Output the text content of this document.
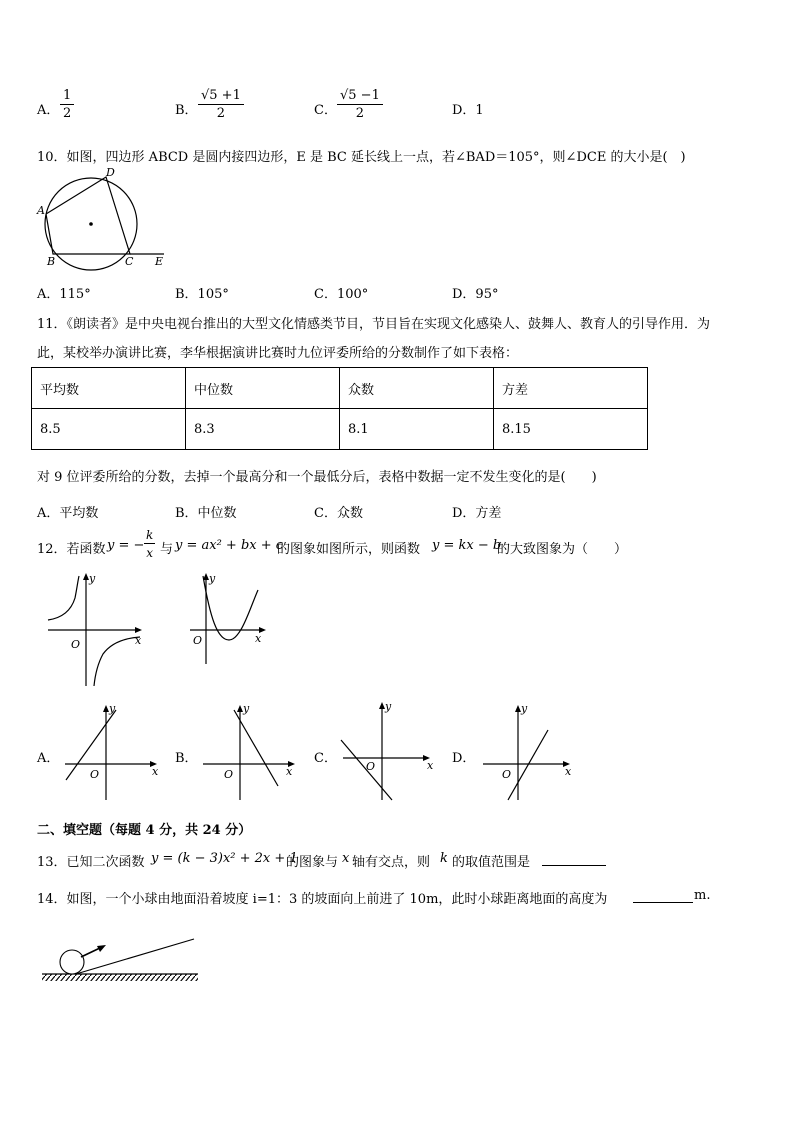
A． $\frac{1}{2}$	B． $\frac{√5 +1}{2}$	C． $\frac{√5 -1}{2}$	D．1
10．如图，四边形 ABCD 是圆内接四边形，E 是 BC 延长线上一点，若∠BAD＝105°，则∠DCE 的大小是(　)
A
D
B	C E
A．115°	B．105°	C．100°	D．95°
11．《朗读者》是中央电视台推出的大型文化情感类节目，节目旨在实现文化感染人、鼓舞人、教育人的引导作用．为
此，某校举办演讲比赛，李华根据演讲比赛时九位评委所给的分数制作了如下表格：
平均数	中位数	众数	方差
8.5	8.3	8.1	8.15
对 9 位评委所给的分数，去掉一个最高分和一个最低分后，表格中数据一定不发生变化的是(　　)
A．平均数	B．中位数	C．众数	D．方差
12．若函数 y = − $\frac{k}{x}$ 与 y = ax² + bx + c
的图象如图所示，则函数 y = kx − b
的大致图象为（　　）
y
x
O
y
x
O
A．
y
x
O
B．
y
x
O
C．
y
x
O
D．
y
x
O
二、填空题（每题 4 分，共 24 分）
13．已知二次函数 y = (k − 3)x² + 2x + 1
的图象与 x 轴有交点，则 k 的取值范围是
14．如图，一个小球由地面沿着坡度 i=1：3 的坡面向上前进了 10m，此时小球距离地面的高度为	m.
